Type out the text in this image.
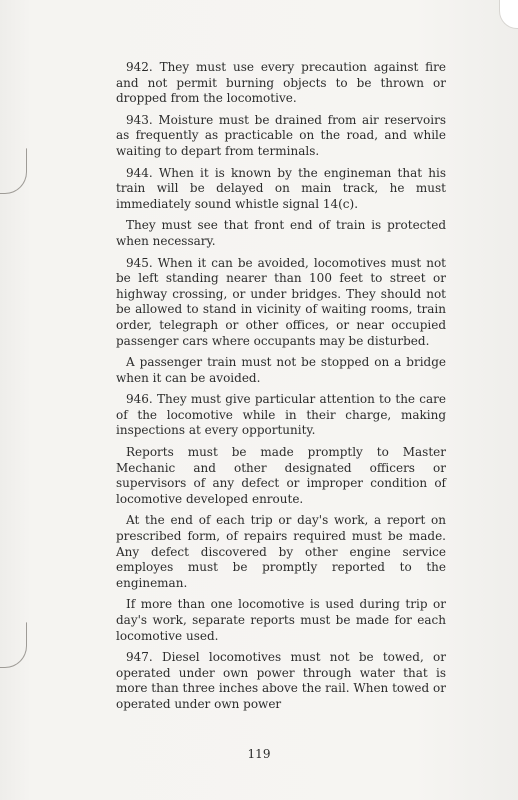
942. They must use every precaution against fire and not permit burning objects to be thrown or dropped from the locomotive.

943. Moisture must be drained from air reservoirs as frequently as practicable on the road, and while waiting to depart from terminals.

944. When it is known by the engineman that his train will be delayed on main track, he must immediately sound whistle signal 14(c).

They must see that front end of train is protected when necessary.

945. When it can be avoided, locomotives must not be left standing nearer than 100 feet to street or highway crossing, or under bridges. They should not be allowed to stand in vicinity of waiting rooms, train order, telegraph or other offices, or near occupied passenger cars where occupants may be disturbed.

A passenger train must not be stopped on a bridge when it can be avoided.

946. They must give particular attention to the care of the locomotive while in their charge, making inspections at every opportunity.

Reports must be made promptly to Master Mechanic and other designated officers or supervisors of any defect or improper condition of locomotive developed enroute.

At the end of each trip or day's work, a report on prescribed form, of repairs required must be made. Any defect discovered by other engine service employes must be promptly reported to the engineman.

If more than one locomotive is used during trip or day's work, separate reports must be made for each locomotive used.

947. Diesel locomotives must not be towed, or operated under own power through water that is more than three inches above the rail. When towed or operated under own power

119
